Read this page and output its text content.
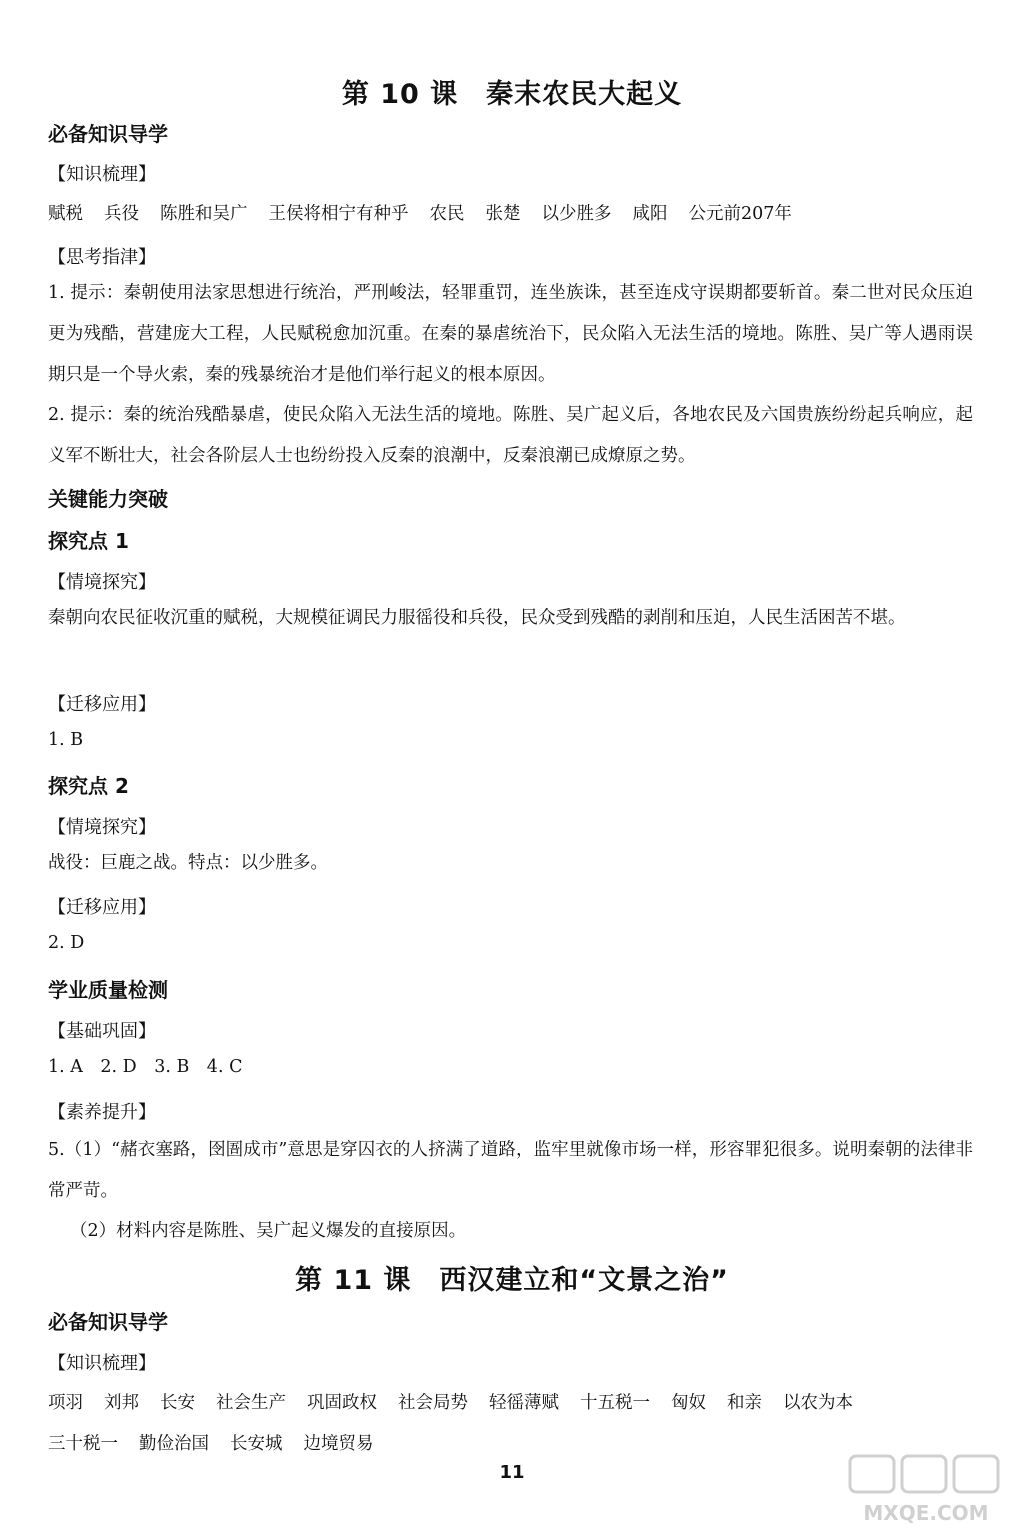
第 10 课　秦末农民大起义
必备知识导学
【知识梳理】
赋税 兵役 陈胜和吴广 王侯将相宁有种乎 农民 张楚 以少胜多 咸阳 公元前207年
【思考指津】
1. 提示：秦朝使用法家思想进行统治，严刑峻法，轻罪重罚，连坐族诛，甚至连戍守误期都要斩首。秦二世对民众压迫更为残酷，营建庞大工程，人民赋税愈加沉重。在秦的暴虐统治下，民众陷入无法生活的境地。陈胜、吴广等人遇雨误期只是一个导火索，秦的残暴统治才是他们举行起义的根本原因。
2. 提示：秦的统治残酷暴虐，使民众陷入无法生活的境地。陈胜、吴广起义后，各地农民及六国贵族纷纷起兵响应，起义军不断壮大，社会各阶层人士也纷纷投入反秦的浪潮中，反秦浪潮已成燎原之势。
关键能力突破
探究点 1
【情境探究】
秦朝向农民征收沉重的赋税，大规模征调民力服徭役和兵役，民众受到残酷的剥削和压迫，人民生活困苦不堪。
【迁移应用】
1. B
探究点 2
【情境探究】
战役：巨鹿之战。特点：以少胜多。
【迁移应用】
2. D
学业质量检测
【基础巩固】
1. A　2. D　3. B　4. C
【素养提升】
5.（1）“赭衣塞路，囹圄成市”意思是穿囚衣的人挤满了道路，监牢里就像市场一样，形容罪犯很多。说明秦朝的法律非常严苛。
（2）材料内容是陈胜、吴广起义爆发的直接原因。
第 11 课　西汉建立和“文景之治”
必备知识导学
【知识梳理】
项羽 刘邦 长安 社会生产 巩固政权 社会局势 轻徭薄赋 十五税一 匈奴 和亲 以农为本
三十税一 勤俭治国 长安城 边境贸易
11
MXQE.COM
